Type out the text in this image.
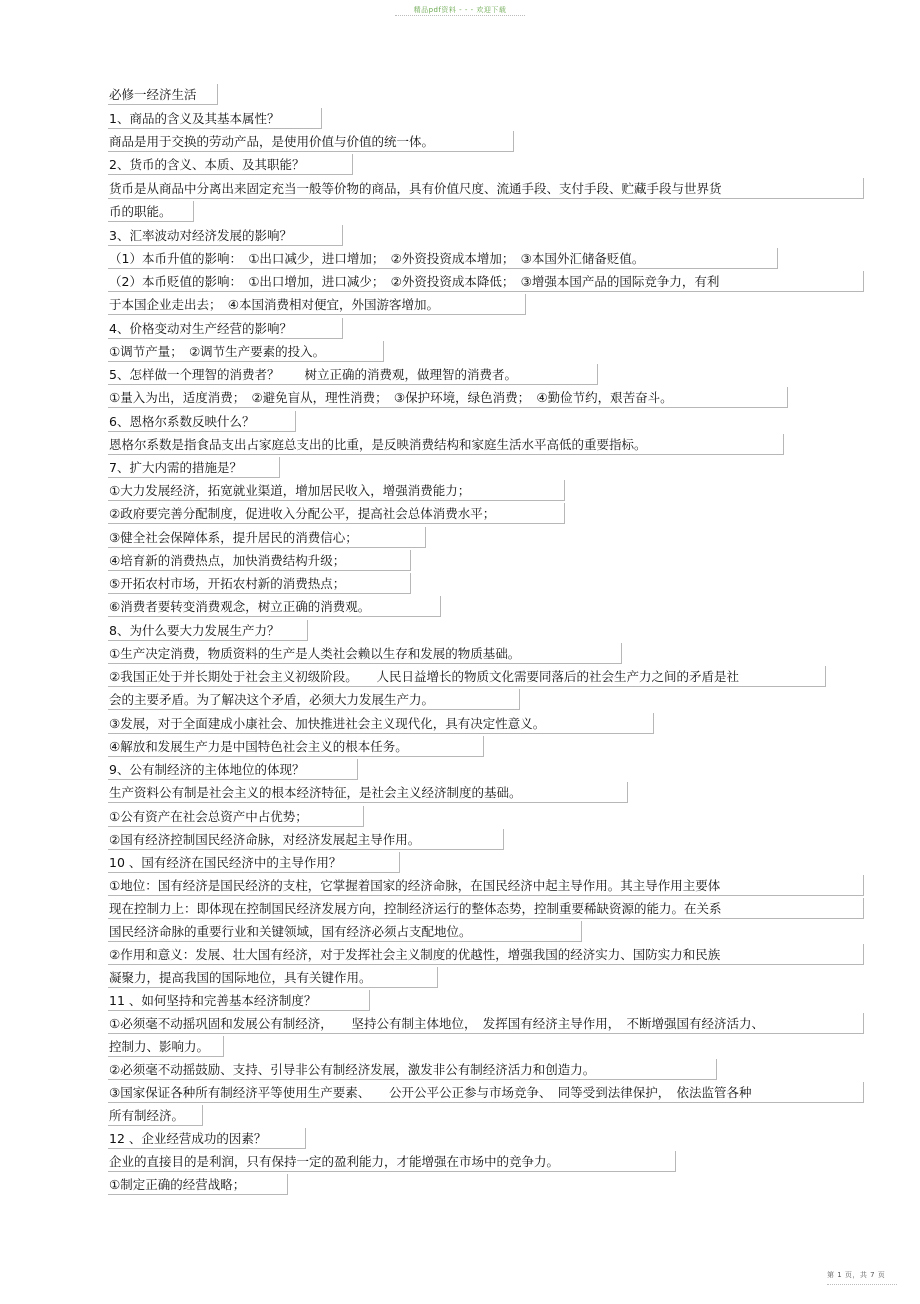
精品pdf资料 - - - 欢迎下载
必修一经济生活
1、商品的含义及其基本属性？
商品是用于交换的劳动产品，是使用价值与价值的统一体。
2、货币的含义、本质、及其职能？
货币是从商品中分离出来固定充当一般等价物的商品，具有价值尺度、流通手段、支付手段、贮藏手段与世界货
币的职能。
3、汇率波动对经济发展的影响？
（1）本币升值的影响：　①出口减少，进口增加；　②外资投资成本增加；　③本国外汇储备贬值。
（2）本币贬值的影响：　①出口增加，进口减少；　②外资投资成本降低；　③增强本国产品的国际竞争力，有利
于本国企业走出去；　④本国消费相对便宜，外国游客增加。
4、价格变动对生产经营的影响？
①调节产量；　②调节生产要素的投入。
5、怎样做一个理智的消费者？　　树立正确的消费观，做理智的消费者。
①量入为出，适度消费；　②避免盲从，理性消费；　③保护环境，绿色消费；　④勤俭节约，艰苦奋斗。
6、恩格尔系数反映什么？
恩格尔系数是指食品支出占家庭总支出的比重，是反映消费结构和家庭生活水平高低的重要指标。
7、扩大内需的措施是？
①大力发展经济，拓宽就业渠道，增加居民收入，增强消费能力；
②政府要完善分配制度，促进收入分配公平，提高社会总体消费水平；
③健全社会保障体系，提升居民的消费信心；
④培育新的消费热点，加快消费结构升级；
⑤开拓农村市场，开拓农村新的消费热点；
⑥消费者要转变消费观念，树立正确的消费观。
8、为什么要大力发展生产力？
①生产决定消费，物质资料的生产是人类社会赖以生存和发展的物质基础。
②我国正处于并长期处于社会主义初级阶段。　　人民日益增长的物质文化需要同落后的社会生产力之间的矛盾是社
会的主要矛盾。为了解决这个矛盾，必须大力发展生产力。
③发展，对于全面建成小康社会、加快推进社会主义现代化，具有决定性意义。
④解放和发展生产力是中国特色社会主义的根本任务。
9、公有制经济的主体地位的体现？
生产资料公有制是社会主义的根本经济特征，是社会主义经济制度的基础。
①公有资产在社会总资产中占优势；
②国有经济控制国民经济命脉，对经济发展起主导作用。
10 、国有经济在国民经济中的主导作用？
①地位：国有经济是国民经济的支柱，它掌握着国家的经济命脉，在国民经济中起主导作用。其主导作用主要体
现在控制力上：即体现在控制国民经济发展方向，控制经济运行的整体态势，控制重要稀缺资源的能力。在关系
国民经济命脉的重要行业和关键领域，国有经济必须占支配地位。
②作用和意义：发展、壮大国有经济，对于发挥社会主义制度的优越性，增强我国的经济实力、国防实力和民族
凝聚力，提高我国的国际地位，具有关键作用。
11 、如何坚持和完善基本经济制度？
①必须毫不动摇巩固和发展公有制经济，　　坚持公有制主体地位，　发挥国有经济主导作用，　不断增强国有经济活力、
控制力、影响力。
②必须毫不动摇鼓励、支持、引导非公有制经济发展，激发非公有制经济活力和创造力。
③国家保证各种所有制经济平等使用生产要素、　　公开公平公正参与市场竞争、　同等受到法律保护，　依法监管各种
所有制经济。
12 、企业经营成功的因素？
企业的直接目的是利润，只有保持一定的盈利能力，才能增强在市场中的竞争力。
①制定正确的经营战略；
第 1 页，共 7 页
